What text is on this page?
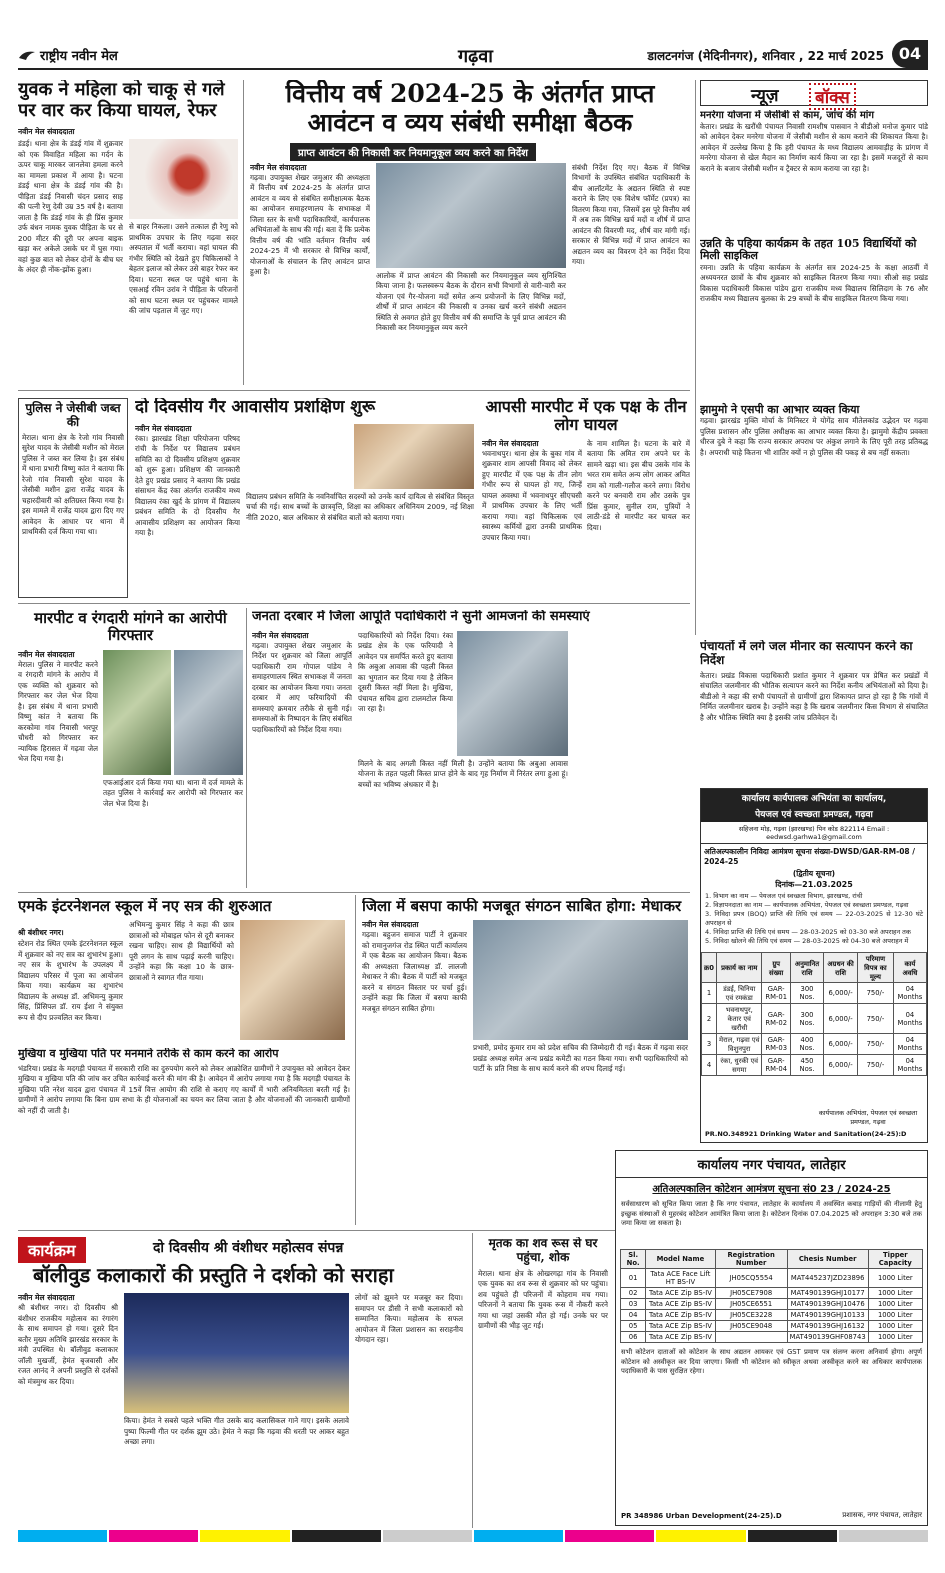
राष्ट्रीय नवीन मेल	गढ़वा	डालटनगंज (मेदिनीनगर), शनिवार , 22 मार्च 2025 04
युवक ने महिला को चाकू से गले पर वार कर किया घायल, रेफर
नवीन मेल संवाददाता
डंडई। थाना क्षेत्र के डंडई गांव में शुक्रवार को एक विवाहित महिला का गर्दन के ऊपर चाकू मारकर जानलेवा हमला करने का मामला प्रकाश में आया है। घटना डंडई थाना क्षेत्र के डंडई गांव की है। पीड़िता डंडई निवासी चंदन प्रसाद साह की पत्नी रेणु देवी उम्र 35 वर्ष है। बताया जाता है कि डंडई गांव के ही प्रिंस कुमार उर्फ बंधन नामक युवक पीड़िता के घर से 200 मीटर की दूरी पर अपना बाइक खड़ा कर अकेले उसके घर में घुस गया। वहां कुछ बात को लेकर दोनों के बीच घर के अंदर ही नोंक-झोंक हुआ।
से बाहर निकला। उसने तत्काल ही रेणु को प्राथमिक उपचार के लिए गढ़वा सदर अस्पताल में भर्ती कराया। वहां घायल की गंभीर स्थिति को देखते हुए चिकित्सकों ने बेहतर इलाज को लेकर उसे बाहर रेफर कर दिया। घटना स्थल पर पहुंचे थाना के एसआई रविन उरांव ने पीड़िता के परिजनों को साथ घटना स्थल पर पहुंचकर मामले की जांच पड़ताल में जुट गए।
वित्तीय वर्ष 2024-25 के अंतर्गत प्राप्त आवंटन व व्यय संबंधी समीक्षा बैठक
प्राप्त आवंटन की निकासी कर नियमानुकूल व्यय करने का निर्देश
नवीन मेल संवाददाता
गढ़वा। उपायुक्त शेखर जमुआर की अध्यक्षता में वित्तीय वर्ष 2024-25 के अंतर्गत प्राप्त आवंटन व व्यय से संबंधित समीक्षात्मक बैठक का आयोजन समाहरणालय के सभाकक्ष में जिला स्तर के सभी पदाधिकारियों, कार्यपालक अभियंताओं के साथ की गई। बता दें कि प्रत्येक वित्तीय वर्ष की भांति वर्तमान वित्तीय वर्ष 2024-25 में भी सरकार से विभिन्न कार्यों, योजनाओं के संचालन के लिए आवंटन प्राप्त हुआ है।	आलोक में प्राप्त आवंटन की निकासी कर नियमानुकूल व्यय सुनिश्चित किया जाना है। फलस्वरूप बैठक के दौरान सभी विभागों से वारी-वारी कर योजना एवं गैर-योजना मदों समेत अन्य प्रयोजनों के लिए विभिन्न मदों, शीर्षों में प्राप्त आवंटन की निकासी व उनका खर्च करने संबंधी अद्यतन स्थिति से अवगत होते हुए वित्तीय वर्ष की समाप्ति के पूर्व प्राप्त आवंटन की निकासी कर नियमानुकूल व्यय करने
संबंधी निर्देश दिए गए। बैठक में विभिन्न विभागों के उपस्थित संबंधित पदाधिकारी के बीच आलॉटमेंट के अद्यतन स्थिति से स्पष्ट कराने के लिए एक विशेष फॉर्मेट (प्रपत्र) का वितरण किया गया, जिसमें इस पूरे वित्तीय वर्ष में अब तक विभिन्न खर्च मदों व शीर्ष में प्राप्त आवंटन की विवरणी मद, शीर्ष वार मांगी गई। सरकार से विभिन्न मदों में प्राप्त आवंटन का अद्यतन व्यय का विवरण देने का निर्देश दिया गया।
न्यूज़	बॉक्स
मनरेगा योजना में जेसीबी से काम, जांच की मांग
केतार। प्रखंड के खरौंधी पंचायत निवासी रामशीष पासवान ने बीडीओ मनोज कुमार पांडे को आवेदन देकर मनरेगा योजना में जेसीबी मशीन से काम कराने की शिकायत किया है। आवेदन में उल्लेख किया है कि हरी पंचायत के मध्य विद्यालय आमवाड़ीह के प्रांगण में मनरेगा योजना से खेल मैदान का निर्माण कार्य किया जा रहा है। इसमें मजदूरों से काम कराने के बजाय जेसीबी मशीन व ट्रैक्टर से काम कराया जा रहा है।
उन्नति के पहिया कार्यक्रम के तहत 105 विद्यार्थियों को मिली साइकिल
रमना। उन्नति के पहिया कार्यक्रम के अंतर्गत सत्र 2024-25 के कक्षा आठवीं में अध्ययनरत छात्रों के बीच शुक्रवार को साइकिल वितरण किया गया। सीओ सह प्रखंड विकास पदाधिकारी विकास पांडेय द्वारा राजकीय मध्य विद्यालय सिलिदाग के 76 और राजकीय मध्य विद्यालय बुलका के 29 बच्चों के बीच साइकिल वितरण किया गया।
झामुमो ने एसपी का आभार व्यक्त किया
गढ़वा। झारखंड मुक्ति मोर्चा के मिनिस्टर मे योगेंद्र साव मीतेलकांड उद्भेदन पर गढ़वा पुलिस प्रशासन और पुलिस अधीक्षक का आभार व्यक्त किया है। झामुमो केंद्रीय प्रवक्ता धीरज दुबे ने कहा कि राज्य सरकार अपराध पर अंकुश लगाने के लिए पूरी तरह प्रतिबद्ध है। अपराधी चाहे कितना भी शातिर क्यों न हो पुलिस की पकड़ से बच नहीं सकता।
पुलिस ने जेसीबी जब्त की
मेराल। थाना क्षेत्र के रेजो गांव निवासी सुरेश यादव के जेसीबी मशीन को मेराल पुलिस ने जब्त कर लिया है। इस संबंध में थाना प्रभारी विष्णु कांत ने बताया कि रेजो गांव निवासी सुरेश यादव के जेसीबी मशीन द्वारा राजेंद्र यादव के चहारदीवारी को क्षतिग्रस्त किया गया है। इस मामले में राजेंद्र यादव द्वारा दिए गए आवेदन के आधार पर थाना में प्राथमिकी दर्ज किया गया था।
दो दिवसीय गैर आवासीय प्रशक्षिण शुरू
नवीन मेल संवाददाता
रंका। झारखंड शिक्षा परियोजना परिषद रांची के निर्देश पर विद्यालय प्रबंधन समिति का दो दिवसीय प्रशिक्षण शुक्रवार को शुरू हुआ। प्रशिक्षण की जानकारी देते हुए प्रखंड प्रसाद ने बताया कि प्रखंड संसाधन केंद्र रंका अंतर्गत राजकीय मध्य विद्यालय रंका खुर्द के प्रांगण में विद्यालय प्रबंधन समिति के दो दिवसीय गैर आवासीय प्रशिक्षण का आयोजन किया गया है।
विद्यालय प्रबंधन समिति के नवनिर्वाचित सदस्यों को उनके कार्य दायित्व से संबंधित विस्तृत चर्चा की गई। साथ बच्चों के छात्रवृत्ति, शिक्षा का अधिकार अधिनियम 2009, नई शिक्षा नीति 2020, बाल अधिकार से संबंधित बातों को बताया गया।
आपसी मारपीट में एक पक्ष के तीन लोग घायल
नवीन मेल संवाददाता
भवनाथपुर। थाना क्षेत्र के बुका गांव में शुक्रवार शाम आपसी विवाद को लेकर हुए मारपीट में एक पक्ष के तीन लोग गंभीर रूप से घायल हो गए, जिन्हें घायल अवस्था में भवनाथपुर सीएचसी में प्राथमिक उपचार के लिए भर्ती कराया गया। वहां चिकित्सक एवं स्वास्थ्य कर्मियों द्वारा उनकी प्राथमिक उपचार किया गया।
के नाम शामिल है। घटना के बारे में बताया कि अमित राम अपने घर के सामने खड़ा था। इस बीच उसके गांव के भरत राम समेत अन्य लोग आकर अमित राम को गाली-गलौज करने लगा। विरोध करने पर बनवारी राम और उसके पुत्र प्रिंस कुमार, सुनील राम, पुत्रियों ने लाठी-डंडे से मारपीट कर घायल कर दिया।
मारपीट व रंगदारी मांगने का आरोपी गिरफ्तार
नवीन मेल संवाददाता
मेराल। पुलिस ने मारपीट करने व रंगदारी मांगने के आरोप में एक व्यक्ति को शुक्रवार को गिरफ्तार कर जेल भेज दिया है। इस संबंध में थाना प्रभारी विष्णु कांत ने बताया कि करकोमा गांव निवासी भरपूर चौधरी को गिरफ्तार कर न्यायिक हिरासत में गढ़वा जेल भेज दिया गया है।
एफआईआर दर्ज किया गया था। थाना में दर्ज मामले के तहत पुलिस ने कार्रवाई कर आरोपी को गिरफ्तार कर जेल भेज दिया है।
जनता दरबार में जिला आपूर्ति पदाधिकारी ने सुनी आमजनों की समस्याएं
नवीन मेल संवाददाता
गढ़वा। उपायुक्त शेखर जमुआर के निर्देश पर शुक्रवार को जिला आपूर्ति पदाधिकारी राम गोपाल पांडेय ने समाहरणालय स्थित सभाकक्ष में जनता दरबार का आयोजन किया गया। जनता दरबार में आए फरियादियों की समस्याएं क्रमवार तरीके से सुनी गई। समस्याओं के निष्पादन के लिए संबंधित पदाधिकारियों को निर्देश दिया गया।
पदाधिकारियों को निर्देश दिया। रंका प्रखंड क्षेत्र के एक फरियादी ने आवेदन पत्र समर्पित करते हुए बताया कि अबुआ आवास की पहली किस्त का भुगतान कर दिया गया है लेकिन दूसरी किस्त नहीं मिला है। मुखिया, पंचायत सचिव द्वारा टालमटोल किया जा रहा है।
मिलने के बाद अगली किस्त नहीं मिली है। उन्होंने बताया कि अबुआ आवास योजना के तहत पहली किस्त प्राप्त होने के बाद गृह निर्माण में निरंतर लगा हुआ हूं। बच्चों का भविष्य अंधकार में है।
पंचायतों में लगे जल मीनार का सत्यापन करने का निर्देश
केतार। प्रखंड विकास पदाधिकारी प्रशांत कुमार ने शुक्रवार पत्र प्रेषित कर प्रखंडों में संचालित जलमीनार की भौतिक सत्यापन करने का निर्देश कनीय अभियंताओं को दिया है। बीडीओ ने कहा की सभी पंचायतों से ग्रामीणों द्वारा शिकायत प्राप्त हो रहा है कि गांवों में निर्मित जलमीनार खराब है। उन्होंने कहा है कि खराब जलमीनार किस विभाग से संचालित है और भौतिक स्थिति क्या है इसकी जांच प्रतिवेदन दें।
कार्यालय कार्यपालक अभियंता का कार्यालय,
पेयजल एवं स्वच्छता प्रमण्डल, गढ़वा
सहिजना मोड़, गढ़वा (झारखण्ड) पिन कोड 822114 Email : eedwsd.garhwa1@gmail.com
अतिअल्पकालीन निविदा आमंत्रण सूचना संख्या-DWSD/GAR-RM-08 / 2024-25
(द्वितीय सूचना)
दिनांक—21.03.2025
1. विभाग का नाम — पेयजल एवं स्वच्छता विभाग, झारखण्ड, रांची
2. विज्ञापनदाता का नाम — कार्यपालक अभियंता, पेयजल एवं स्वच्छता प्रमण्डल, गढ़वा
3. निविदा प्रपत्र (BOQ) प्राप्ति की तिथि एवं समय — 22-03-2025 से 12-30 घंटे अपराहन से
4. निविदा प्राप्ति की तिथि एवं समय — 28-03-2025 को 03-30 बजे अपराहन तक
5. निविदा खोलने की तिथि एवं समय — 28-03-2025 को 04-30 बजे अपराहन में
क्र0	प्रकार्य का नाम	ग्रुप संख्या	अनुमानित राशि	अग्रधन की राशि	परिमाण विपत्र का मूल्य	कार्य अवधि
1	डंडई, चिनिया एवं रमकंडा	GAR-RM-01	300 Nos.	6,000/-	750/-	04 Months
2	भवनाथपुर, केतार एवं खरौंधी	GAR-RM-02	300 Nos.	6,000/-	750/-	04 Months
3	मेराल, गढ़वा एवं विशुनपुरा	GAR-RM-03	400 Nos.	6,000/-	750/-	04 Months
4	रंका, धुरकी एवं सगमा	GAR-RM-04	450 Nos.	6,000/-	750/-	04 Months
PR.NO.348921 Drinking Water and Sanitation(24-25):D
कार्यपालक अभियंता, पेयजल एवं स्वच्छता प्रमण्डल, गढ़वा
एमके इंटरनेशनल स्कूल में नए सत्र की शुरुआत
श्री बंशीधर नगर।
स्टेशन रोड स्थित एमके इंटरनेशनल स्कूल में शुक्रवार को नए सत्र का शुभारंभ हुआ। नए सत्र के शुभारंभ के उपलक्ष्य में विद्यालय परिसर में पूजा का आयोजन किया गया। कार्यक्रम का शुभारंभ विद्यालय के अध्यक्ष डॉ. अभिमन्यु कुमार सिंह, प्रिंसिपल डॉ. राय ईशा ने संयुक्त रूप से दीप प्रज्वलित कर किया।
अभिमन्यु कुमार सिंह ने कहा की छात्र छात्राओं को मोबाइल फोन से दूरी बनाकर रखना चाहिए। साथ ही विद्यार्थियों को पूरी लगन के साथ पढ़ाई करनी चाहिए। उन्होंने कहा कि कक्षा 10 के छात्र-छात्राओं ने स्वागत गीत गाया।
जिला में बसपा काफी मजबूत संगठन साबित होगा: मेधाकर
नवीन मेल संवाददाता
गढ़वा। बहुजन समाज पार्टी ने शुक्रवार को रामानुजगंज रोड स्थित पार्टी कार्यालय में एक बैठक का आयोजन किया। बैठक की अध्यक्षता जिलाध्यक्ष डॉ. लालजी मेधाकर ने की। बैठक में पार्टी को मजबूत करने व संगठन विस्तार पर चर्चा हुई। उन्होंने कहा कि जिला में बसपा काफी मजबूत संगठन साबित होगा।
प्रभारी, प्रमोद कुमार राम को प्रदेश सचिव की जिम्मेदारी दी गई। बैठक में गढ़वा सदर प्रखंड अध्यक्ष समेत अन्य प्रखंड कमेटी का गठन किया गया। सभी पदाधिकारियों को पार्टी के प्रति निष्ठा के साथ कार्य करने की शपथ दिलाई गई।
मुखिया व मुखिया पति पर मनमाने तरीके से काम करने का आरोप
भंडरिया। प्रखंड के मदगड़ी पंचायत में सरकारी राशि का दुरुपयोग करने को लेकर आक्रोशित ग्रामीणों ने उपायुक्त को आवेदन देकर मुखिया व मुखिया पति की जांच कर उचित कार्रवाई करने की मांग की है। आवेदन में आरोप लगाया गया है कि मदगड़ी पंचायत के मुखिया पति नरेश यादव द्वारा पंचायत में 15वें वित्त आयोग की राशि से कराए गए कार्यों में भारी अनियमितता बरती गई है। ग्रामीणों ने आरोप लगाया कि बिना ग्राम सभा के ही योजनाओं का चयन कर लिया जाता है और योजनाओं की जानकारी ग्रामीणों को नहीं दी जाती है।
कार्यक्रम	दो दिवसीय श्री वंशीधर महोत्सव संपन्न
बॉलीवुड कलाकारों की प्रस्तुति ने दर्शको को सराहा
नवीन मेल संवाददाता
श्री बंशीधर नगर। दो दिवसीय श्री बंशीधर राजकीय महोत्सव का रंगारंग के साथ समापन हो गया। दूसरे दिन बतौर मुख्य अतिथि झारखंड सरकार के मंत्री उपस्थित थे। बॉलीवुड कलाकार जॉली मुखर्जी, हेमंत बृजवासी और रजत आनंद ने अपनी प्रस्तुति से दर्शकों को मंत्रमुग्ध कर दिया।
किया। हेमंत ने सबसे पहले भक्ति गीत उसके बाद कलासिकल गाने गाए। इसके अलावे पुष्पा फिल्मी गीत पर दर्शक झूम उठे। हेमंत ने कहा कि गढ़वा की धरती पर आकर बहुत अच्छा लगा।
लोगों को झूमने पर मजबूर कर दिया। समापन पर डीसी ने सभी कलाकारों को सम्मानित किया। महोत्सव के सफल आयोजन में जिला प्रशासन का सराहनीय योगदान रहा।
मृतक का शव रूस से घर पहुंचा, शोक
मेराल। थाना क्षेत्र के ओखरगढ़ा गांव के निवासी एक युवक का शव रूस से शुक्रवार को घर पहुंचा। शव पहुंचते ही परिजनों में कोहराम मच गया। परिजनों ने बताया कि युवक रूस में नौकरी करने गया था जहां उसकी मौत हो गई। उनके घर पर ग्रामीणों की भीड़ जुट गई।
कार्यालय नगर पंचायत, लातेहार
अतिअल्पकालिन कोटेशन आमंत्रण सूचना सं0 23 / 2024-25
सर्वसाधारण को सूचित किया जाता है कि नगर पंचायत, लातेहार के कार्यालय में अवस्थित कबाड़ गाड़ियों की नीलामी हेतु इच्छुक संस्थाओं से मुहरबंद कोटेशन आमंत्रित किया जाता है। कोटेशन दिनांक 07.04.2025 को अपराहन 3:30 बजे तक जमा किया जा सकता है।
Sl. No.	Model Name	Registration Number	Chesis Number	Tipper Capacity
01	Tata ACE Face Lift HT BS-IV	JH05CQ5554	MAT445237JZD23896	1000 Liter
02	Tata ACE Zip BS-IV	JH05CE7908	MAT490139GHJ10177	1000 Liter
03	Tata ACE Zip BS-IV	JH05CE6551	MAT490139GHJ10476	1000 Liter
04	Tata ACE Zip BS-IV	JH05CE3228	MAT490139GHJ10133	1000 Liter
05	Tata ACE Zip BS-IV	JH05CE9048	MAT490139GHJ16132	1000 Liter
06	Tata ACE Zip BS-IV		MAT490139GHF08743	1000 Liter
सभी कोटेशन दाताओं को कोटेशन के साथ अद्यतन आयकर एवं GST प्रमाण पत्र संलग्न करना अनिवार्य होगा। अपूर्ण कोटेशन को अस्वीकृत कर दिया जाएगा। किसी भी कोटेशन को स्वीकृत अथवा अस्वीकृत करने का अधिकार कार्यपालक पदाधिकारी के पास सुरक्षित रहेगा।
PR 348986 Urban Development(24-25).D	प्रशासक, नगर पंचायत, लातेहार
